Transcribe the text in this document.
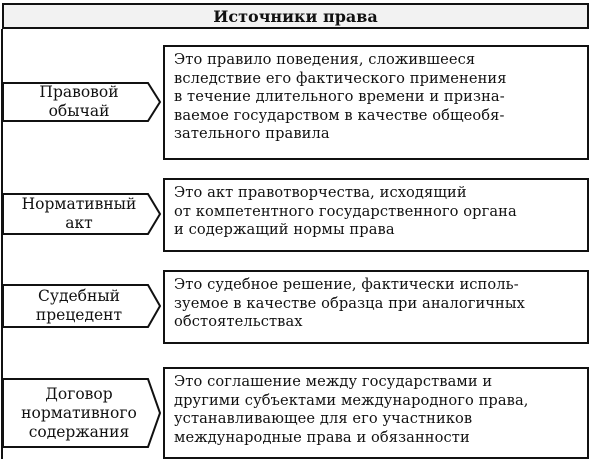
Источники права
Правовой
обычай
Это правило поведения, сложившееся
вследствие его фактического применения
в течение длительного времени и призна-
ваемое государством в качестве общеобя-
зательного правила
Нормативный
акт
Это акт правотворчества, исходящий
от компетентного государственного органа
и содержащий нормы права
Судебный
прецедент
Это судебное решение, фактически исполь-
зуемое в качестве образца при аналогичных
обстоятельствах
Договор
нормативного
содержания
Это соглашение между государствами и
другими субъектами международного права,
устанавливающее для его участников
международные права и обязанности
